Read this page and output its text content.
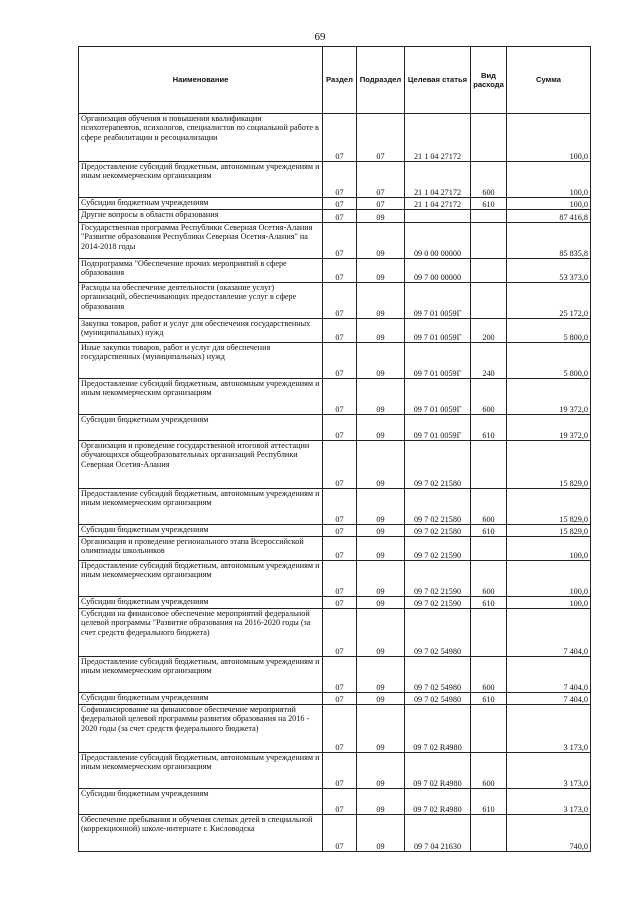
69
Наименование	Раздел	Подраздел	Целевая статья	Вид расхода	Сумма
Организация обучения и повышения квалификации психотерапевтов, психологов, специалистов по социальной работе в сфере реабилитации и ресоциализации	07	07	21 1 04 27172		100,0
Предоставление субсидий бюджетным, автономным учреждениям и иным некоммерческим организациям	07	07	21 1 04 27172	600	100,0
Субсидии бюджетным учреждениям	07	07	21 1 04 27172	610	100,0
Другие вопросы в области образования	07	09			87 416,8
Государственная программа Республики Северная Осетия-Алания "Развитие образования Республики Северная Осетия-Алания" на 2014-2018 годы	07	09	09 0 00 00000		85 835,8
Подпрограмма "Обеспечение прочих мероприятий в сфере образования	07	09	09 7 00 00000		53 373,0
Расходы на обеспечение деятельности (оказание услуг) организаций, обеспечивающих предоставление услуг в сфере образования	07	09	09 7 01 0059Г		25 172,0
Закупка товаров, работ и услуг для обеспечения государственных (муниципальных) нужд	07	09	09 7 01 0059Г	200	5 800,0
Иные закупки товаров, работ и услуг для обеспечения государственных (муниципальных) нужд	07	09	09 7 01 0059Г	240	5 800,0
Предоставление субсидий бюджетным, автономным учреждениям и иным некоммерческим организациям	07	09	09 7 01 0059Г	600	19 372,0
Субсидии бюджетным учреждениям	07	09	09 7 01 0059Г	610	19 372,0
Организация и проведение государственной итоговой аттестации обучающихся общеобразовательных организаций Республики Северная Осетия-Алания	07	09	09 7 02 21580		15 829,0
Предоставление субсидий бюджетным, автономным учреждениям и иным некоммерческим организациям	07	09	09 7 02 21580	600	15 829,0
Субсидии бюджетным учреждениям	07	09	09 7 02 21580	610	15 829,0
Организация и проведение регионального этапа Всероссийской олимпиады школьников	07	09	09 7 02 21590		100,0
Предоставление субсидий бюджетным, автономным учреждениям и иным некоммерческим организациям	07	09	09 7 02 21590	600	100,0
Субсидии бюджетным учреждениям	07	09	09 7 02 21590	610	100,0
Субсидии на финансовое обеспечение мероприятий федеральной целевой программы "Развитие образования на 2016-2020 годы (за счет средств федерального бюджета)	07	09	09 7 02 54980		7 404,0
Предоставление субсидий бюджетным, автономным учреждениям и иным некоммерческим организациям	07	09	09 7 02 54980	600	7 404,0
Субсидии бюджетным учреждениям	07	09	09 7 02 54980	610	7 404,0
Софинансирование на финансовое обеспечение мероприятий федеральной целевой программы развития образования на 2016 - 2020 годы (за счет средств федерального бюджета)	07	09	09 7 02 R4980		3 173,0
Предоставление субсидий бюджетным, автономным учреждениям и иным некоммерческим организациям	07	09	09 7 02 R4980	600	3 173,0
Субсидии бюджетным учреждениям	07	09	09 7 02 R4980	610	3 173,0
Обеспечение пребывания и обучения слепых детей в специальной (коррекционной) школе-интернате г. Кисловодска	07	09	09 7 04 21630		740,0
